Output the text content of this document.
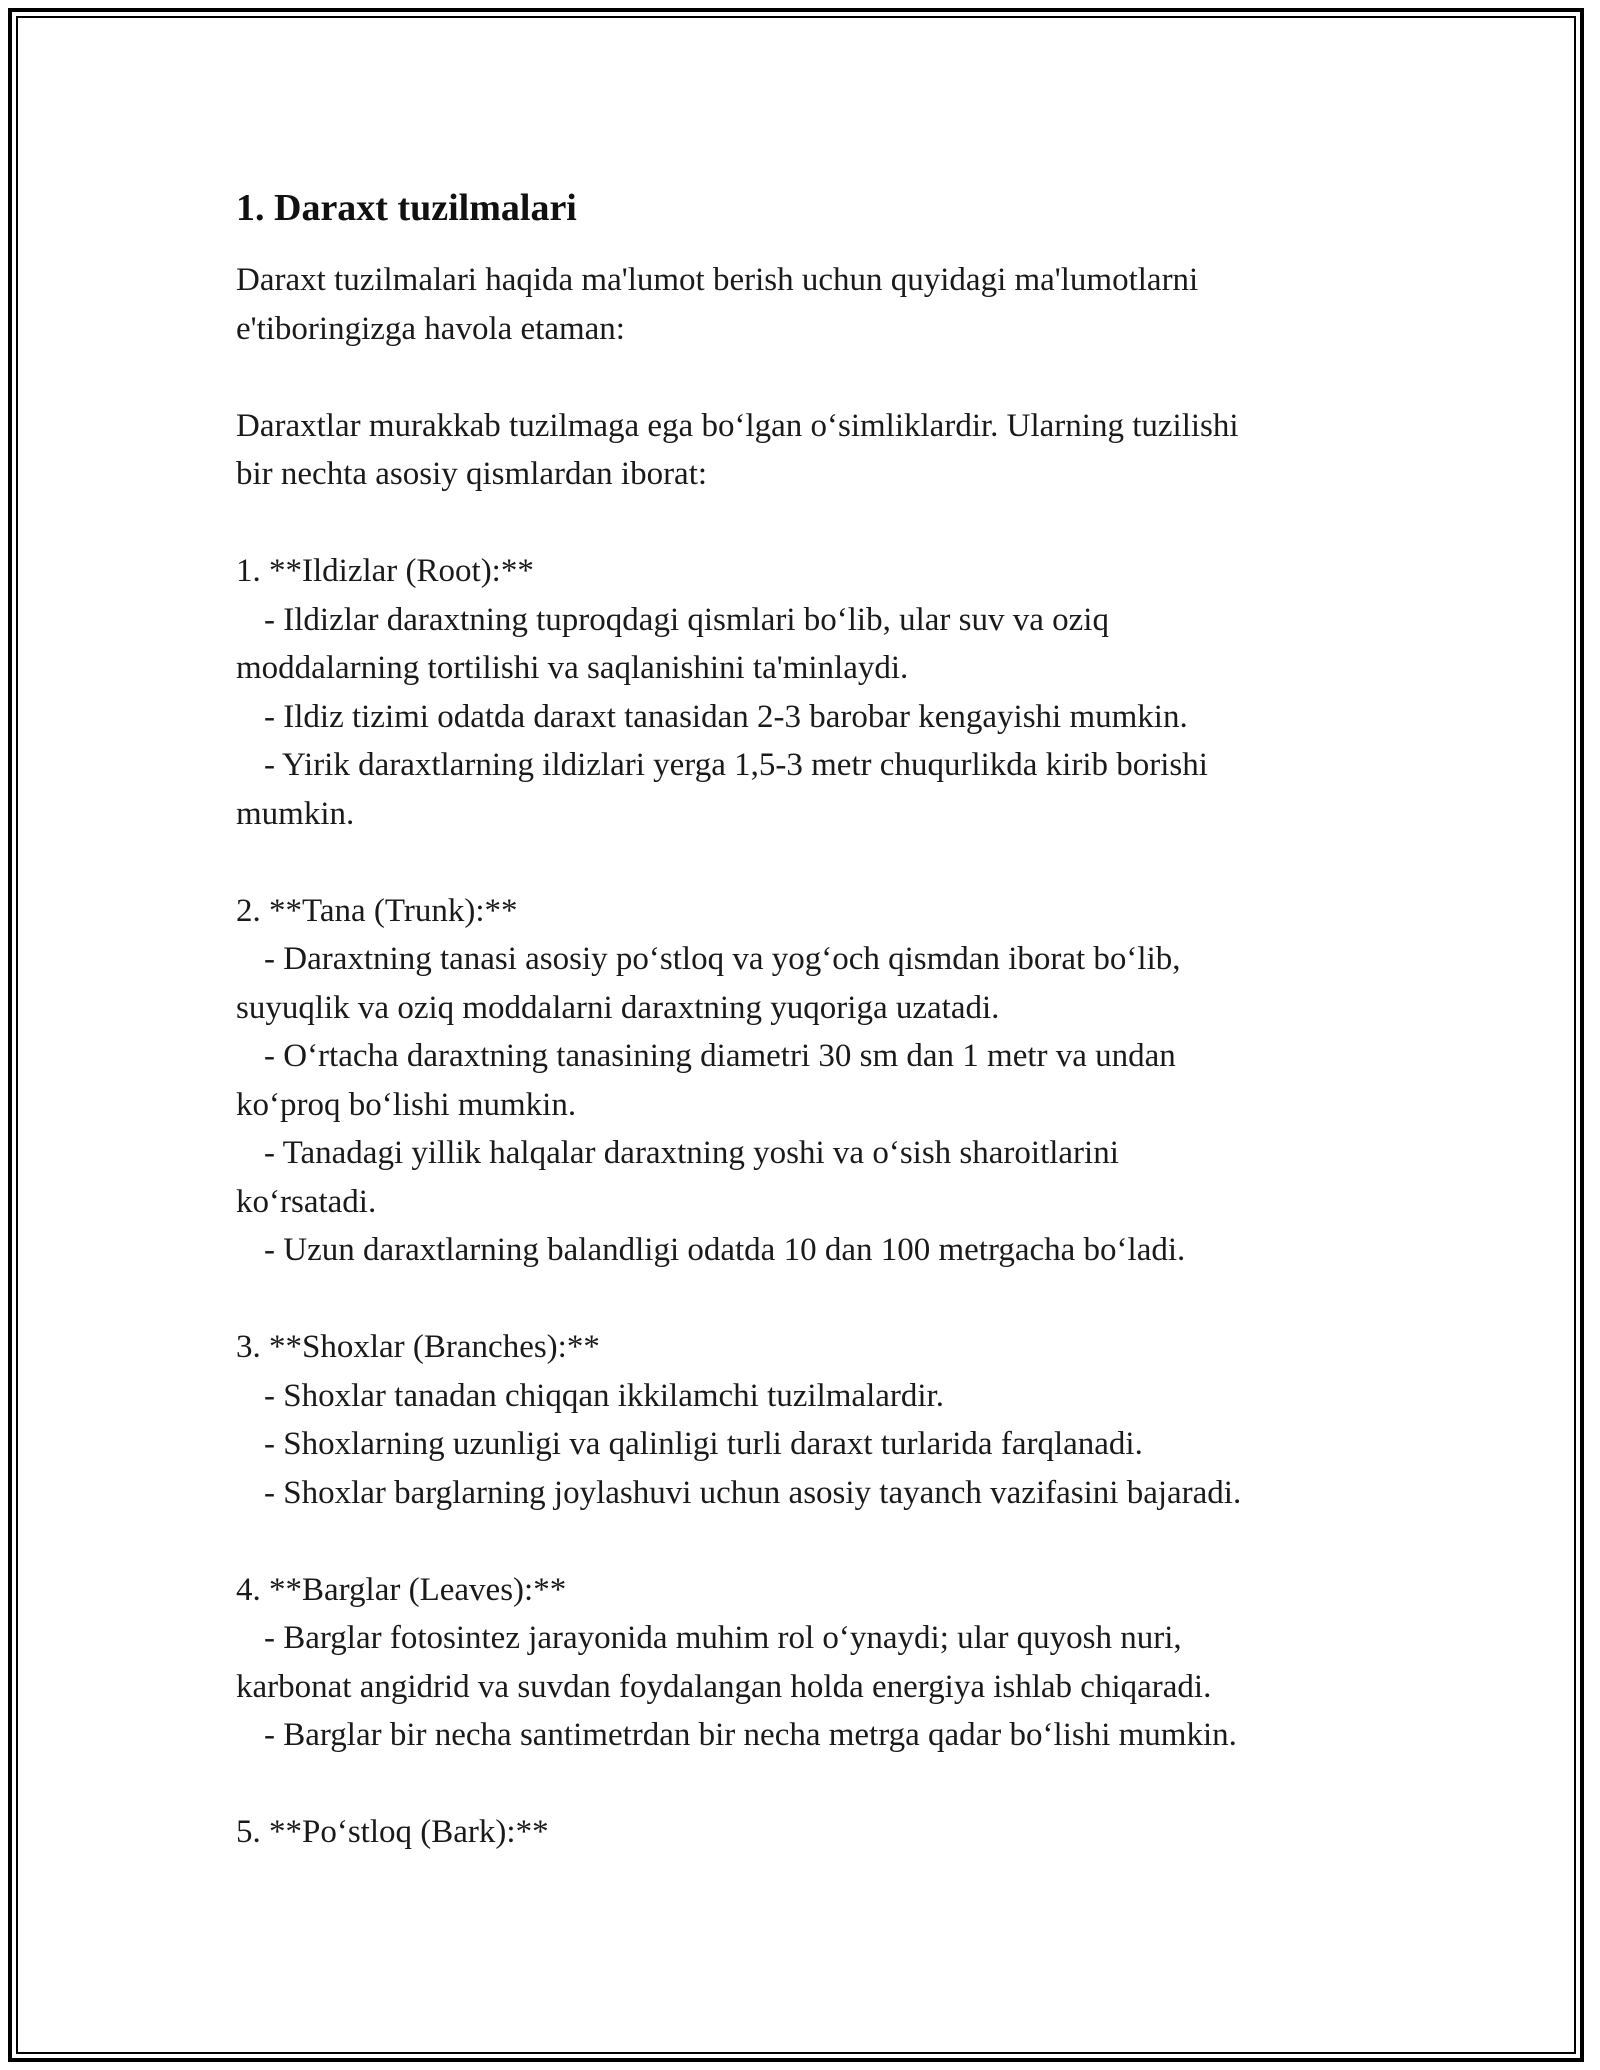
1. Daraxt tuzilmalari
Daraxt tuzilmalari haqida ma'lumot berish uchun quyidagi ma'lumotlarni
e'tiboringizga havola etaman:
Daraxtlar murakkab tuzilmaga ega bo‘lgan o‘simliklardir. Ularning tuzilishi
bir nechta asosiy qismlardan iborat:
1. **Ildizlar (Root):**
- Ildizlar daraxtning tuproqdagi qismlari bo‘lib, ular suv va oziq
moddalarning tortilishi va saqlanishini ta'minlaydi.
- Ildiz tizimi odatda daraxt tanasidan 2-3 barobar kengayishi mumkin.
- Yirik daraxtlarning ildizlari yerga 1,5-3 metr chuqurlikda kirib borishi
mumkin.
2. **Tana (Trunk):**
- Daraxtning tanasi asosiy po‘stloq va yog‘och qismdan iborat bo‘lib,
suyuqlik va oziq moddalarni daraxtning yuqoriga uzatadi.
- O‘rtacha daraxtning tanasining diametri 30 sm dan 1 metr va undan
ko‘proq bo‘lishi mumkin.
- Tanadagi yillik halqalar daraxtning yoshi va o‘sish sharoitlarini
ko‘rsatadi.
- Uzun daraxtlarning balandligi odatda 10 dan 100 metrgacha bo‘ladi.
3. **Shoxlar (Branches):**
- Shoxlar tanadan chiqqan ikkilamchi tuzilmalardir.
- Shoxlarning uzunligi va qalinligi turli daraxt turlarida farqlanadi.
- Shoxlar barglarning joylashuvi uchun asosiy tayanch vazifasini bajaradi.
4. **Barglar (Leaves):**
- Barglar fotosintez jarayonida muhim rol o‘ynaydi; ular quyosh nuri,
karbonat angidrid va suvdan foydalangan holda energiya ishlab chiqaradi.
- Barglar bir necha santimetrdan bir necha metrga qadar bo‘lishi mumkin.
5. **Po‘stloq (Bark):**
